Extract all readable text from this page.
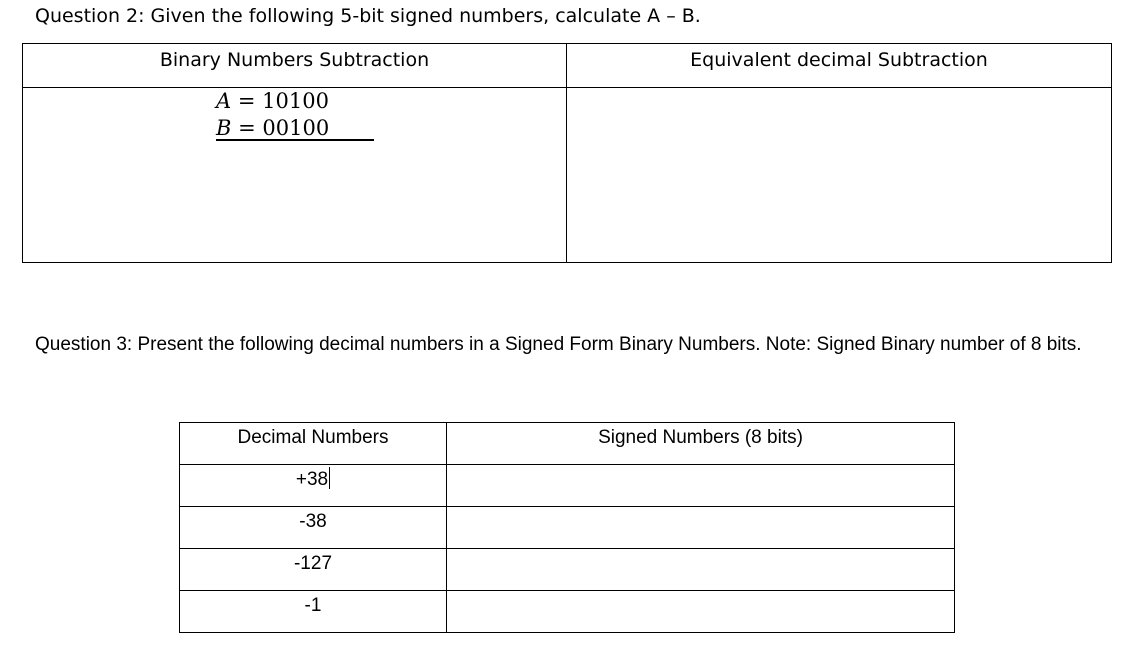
Question 2: Given the following 5-bit signed numbers, calculate A – B.
Binary Numbers Subtraction	Equivalent decimal Subtraction

A = 10100
B = 00100	

Question 3: Present the following decimal numbers in a Signed Form Binary Numbers. Note: Signed Binary number of 8 bits.
Decimal Numbers	Signed Numbers (8 bits)
+38	
-38	
-127	
-1	
